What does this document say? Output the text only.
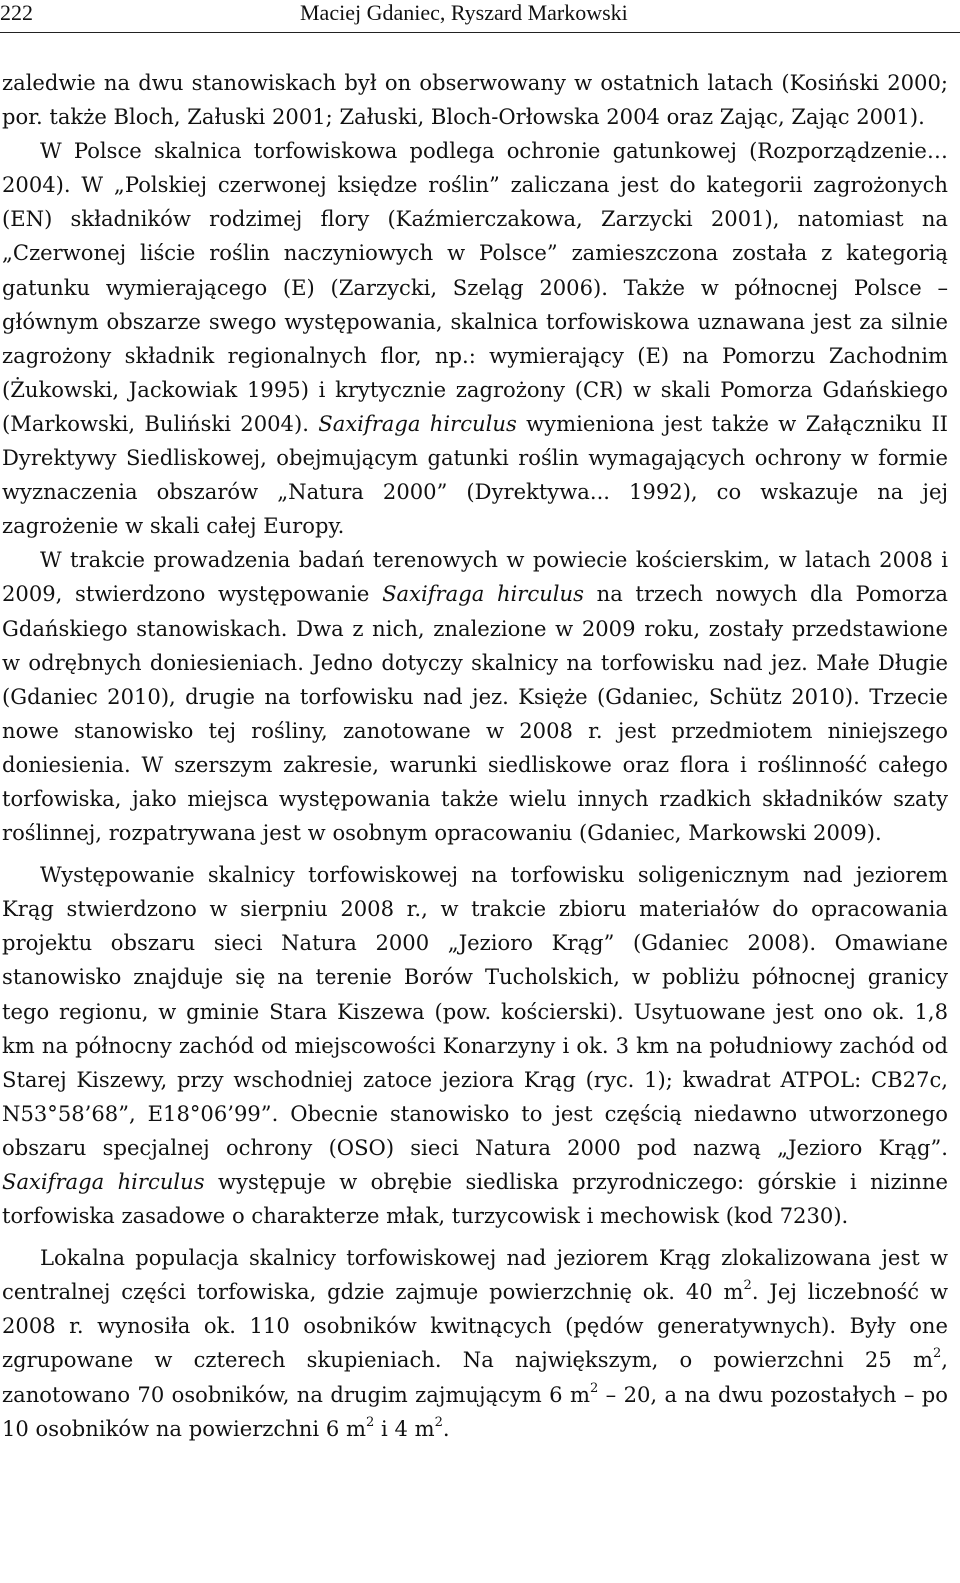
222	Maciej Gdaniec, Ryszard Markowski

zaledwie na dwu stanowiskach był on obserwowany w ostatnich latach (Kosiński 2000; por. także Bloch, Załuski 2001; Załuski, Bloch-Orłowska 2004 oraz Zając, Zając 2001).

W Polsce skalnica torfowiskowa podlega ochronie gatunkowej (Rozporządzenie… 2004). W „Polskiej czerwonej księdze roślin” zaliczana jest do kategorii zagrożonych (EN) składników rodzimej flory (Kaźmierczakowa, Zarzycki 2001), natomiast na „Czerwonej liście roślin naczyniowych w Polsce” zamieszczona została z kategorią gatunku wymierającego (E) (Zarzycki, Szeląg 2006). Także w północnej Polsce – głównym obszarze swego występowania, skalnica torfowiskowa uznawana jest za silnie zagrożony składnik regionalnych flor, np.: wymierający (E) na Pomorzu Zachodnim (Żukowski, Jackowiak 1995) i krytycznie zagrożony (CR) w skali Pomorza Gdańskiego (Markowski, Buliński 2004). Saxifraga hirculus wymieniona jest także w Załączniku II Dyrektywy Siedliskowej, obejmującym gatunki roślin wymagających ochrony w formie wyznaczenia obszarów „Natura 2000” (Dyrektywa... 1992), co wskazuje na jej zagrożenie w skali całej Europy.

W trakcie prowadzenia badań terenowych w powiecie kościerskim, w latach 2008 i 2009, stwierdzono występowanie Saxifraga hirculus na trzech nowych dla Pomorza Gdańskiego stanowiskach. Dwa z nich, znalezione w 2009 roku, zostały przedstawione w odrębnych doniesieniach. Jedno dotyczy skalnicy na torfowisku nad jez. Małe Długie (Gdaniec 2010), drugie na torfowisku nad jez. Księże (Gdaniec, Schütz 2010). Trzecie nowe stanowisko tej rośliny, zanotowane w 2008 r. jest przedmiotem niniejszego doniesienia. W szerszym zakresie, warunki siedliskowe oraz flora i roślinność całego torfowiska, jako miejsca występowania także wielu innych rzadkich składników szaty roślinnej, rozpatrywana jest w osobnym opracowaniu (Gdaniec, Markowski 2009).

Występowanie skalnicy torfowiskowej na torfowisku soligenicznym nad jeziorem Krąg stwierdzono w sierpniu 2008 r., w trakcie zbioru materiałów do opracowania projektu obszaru sieci Natura 2000 „Jezioro Krąg” (Gdaniec 2008). Omawiane stanowisko znajduje się na terenie Borów Tucholskich, w pobliżu północnej granicy tego regionu, w gminie Stara Kiszewa (pow. kościerski). Usytuowane jest ono ok. 1,8 km na północny zachód od miejscowości Konarzyny i ok. 3 km na południowy zachód od Starej Kiszewy, przy wschodniej zatoce jeziora Krąg (ryc. 1); kwadrat ATPOL: CB27c, N53°58’68”, E18°06’99”. Obecnie stanowisko to jest częścią niedawno utworzonego obszaru specjalnej ochrony (OSO) sieci Natura 2000 pod nazwą „Jezioro Krąg”. Saxifraga hirculus występuje w obrębie siedliska przyrodniczego: górskie i nizinne torfowiska zasadowe o charakterze młak, turzycowisk i mechowisk (kod 7230).

Lokalna populacja skalnicy torfowiskowej nad jeziorem Krąg zlokalizowana jest w centralnej części torfowiska, gdzie zajmuje powierzchnię ok. 40 $m^2$. Jej liczebność w 2008 r. wynosiła ok. 110 osobników kwitnących (pędów generatywnych). Były one zgrupowane w czterech skupieniach. Na największym, o powierzchni 25 $m^2$, zanotowano 70 osobników, na drugim zajmującym 6 $m^2 - 20$, a na dwu pozostałych – po 10 osobników na powierzchni 6 $m^2$ i 4 $m^2$.
